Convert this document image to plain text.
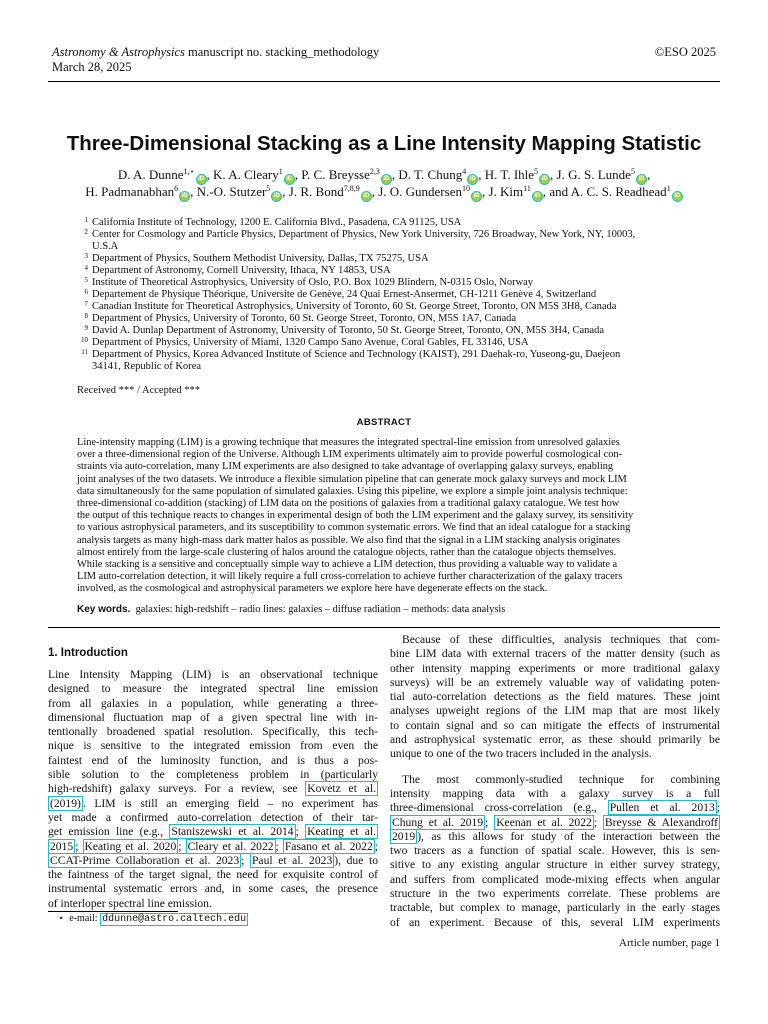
Astronomy & Astrophysics manuscript no. stacking_methodology
March 28, 2025
©ESO 2025
Three-Dimensional Stacking as a Line Intensity Mapping Statistic
D. A. Dunne$^{1,⋆}$iD , K. A. Cleary$^1$iD , P. C. Breysse$^{2,3}$iD , D. T. Chung$^4$iD , H. T. Ihle$^5$iD , J. G. S. Lunde$^5$iD ,
H. Padmanabhan$^6$iD , N.-O. Stutzer$^5$iD , J. R. Bond$^{7,8,9}$iD , J. O. Gundersen$^{10}$iD , J. Kim$^{11}$iD , and A. C. S. Readhead$^1$iD
1 California Institute of Technology, 1200 E. California Blvd., Pasadena, CA 91125, USA
2 Center for Cosmology and Particle Physics, Department of Physics, New York University, 726 Broadway, New York, NY, 10003,
U.S.A
3 Department of Physics, Southern Methodist University, Dallas, TX 75275, USA
4 Department of Astronomy, Cornell University, Ithaca, NY 14853, USA
5 Institute of Theoretical Astrophysics, University of Oslo, P.O. Box 1029 Blindern, N-0315 Oslo, Norway
6 Departement de Physique Théorique, Universite de Genève, 24 Quai Ernest-Ansermet, CH-1211 Genève 4, Switzerland
7 Canadian Institute for Theoretical Astrophysics, University of Toronto, 60 St. George Street, Toronto, ON M5S 3H8, Canada
8 Department of Physics, University of Toronto, 60 St. George Street, Toronto, ON, M5S 1A7, Canada
9 David A. Dunlap Department of Astronomy, University of Toronto, 50 St. George Street, Toronto, ON, M5S 3H4, Canada
10 Department of Physics, University of Miami, 1320 Campo Sano Avenue, Coral Gables, FL 33146, USA
11 Department of Physics, Korea Advanced Institute of Science and Technology (KAIST), 291 Daehak-ro, Yuseong-gu, Daejeon
34141, Republic of Korea
Received *** / Accepted ***
ABSTRACT
Line-intensity mapping (LIM) is a growing technique that measures the integrated spectral-line emission from unresolved galaxies
over a three-dimensional region of the Universe. Although LIM experiments ultimately aim to provide powerful cosmological con-
straints via auto-correlation, many LIM experiments are also designed to take advantage of overlapping galaxy surveys, enabling
joint analyses of the two datasets. We introduce a flexible simulation pipeline that can generate mock galaxy surveys and mock LIM
data simultaneously for the same population of simulated galaxies. Using this pipeline, we explore a simple joint analysis technique:
three-dimensional co-addition (stacking) of LIM data on the positions of galaxies from a traditional galaxy catalogue. We test how
the output of this technique reacts to changes in experimental design of both the LIM experiment and the galaxy survey, its sensitivity
to various astrophysical parameters, and its susceptibility to common systematic errors. We find that an ideal catalogue for a stacking
analysis targets as many high-mass dark matter halos as possible. We also find that the signal in a LIM stacking analysis originates
almost entirely from the large-scale clustering of halos around the catalogue objects, rather than the catalogue objects themselves.
While stacking is a sensitive and conceptually simple way to achieve a LIM detection, thus providing a valuable way to validate a
LIM auto-correlation detection, it will likely require a full cross-correlation to achieve further characterization of the galaxy tracers
involved, as the cosmological and astrophysical parameters we explore here have degenerate effects on the stack.
Key words. galaxies: high-redshift – radio lines: galaxies – diffuse radiation – methods: data analysis
1. Introduction
Line Intensity Mapping (LIM) is an observational technique
designed to measure the integrated spectral line emission
from all galaxies in a population, while generating a three-
dimensional fluctuation map of a given spectral line with in-
tentionally broadened spatial resolution. Specifically, this tech-
nique is sensitive to the integrated emission from even the
faintest end of the luminosity function, and is thus a pos-
sible solution to the completeness problem in (particularly
high-redshift) galaxy surveys. For a review, see Kovetz et al.
(2019) . LIM is still an emerging field – no experiment has
yet made a confirmed auto-correlation detection of their tar-
get emission line (e.g., Staniszewski et al. 2014 ; Keating et al.
2015 ; Keating et al. 2020 ; Cleary et al. 2022 ; Fasano et al. 2022 ;
CCAT-Prime Collaboration et al. 2023 ; Paul et al. 2023 ), due to
the faintness of the target signal, the need for exquisite control of
instrumental systematic errors and, in some cases, the presence
of interloper spectral line emission.
Because of these difficulties, analysis techniques that com-
bine LIM data with external tracers of the matter density (such as
other intensity mapping experiments or more traditional galaxy
surveys) will be an extremely valuable way of validating poten-
tial auto-correlation detections as the field matures. These joint
analyses upweight regions of the LIM map that are most likely
to contain signal and so can mitigate the effects of instrumental
and astrophysical systematic error, as these should primarily be
unique to one of the two tracers included in the analysis.
The most commonly-studied technique for combining
intensity mapping data with a galaxy survey is a full
three-dimensional cross-correlation (e.g., Pullen et al. 2013 ;
Chung et al. 2019 ; Keenan et al. 2022 ; Breysse & Alexandroff
2019 ), as this allows for study of the interaction between the
two tracers as a function of spatial scale. However, this is sen-
sitive to any existing angular structure in either survey strategy,
and suffers from complicated mode-mixing effects when angular
structure in the two experiments correlate. These problems are
tractable, but complex to manage, particularly in the early stages
of an experiment. Because of this, several LIM experiments
⋆ e-mail: ddunne@astro.caltech.edu
Article number, page 1
